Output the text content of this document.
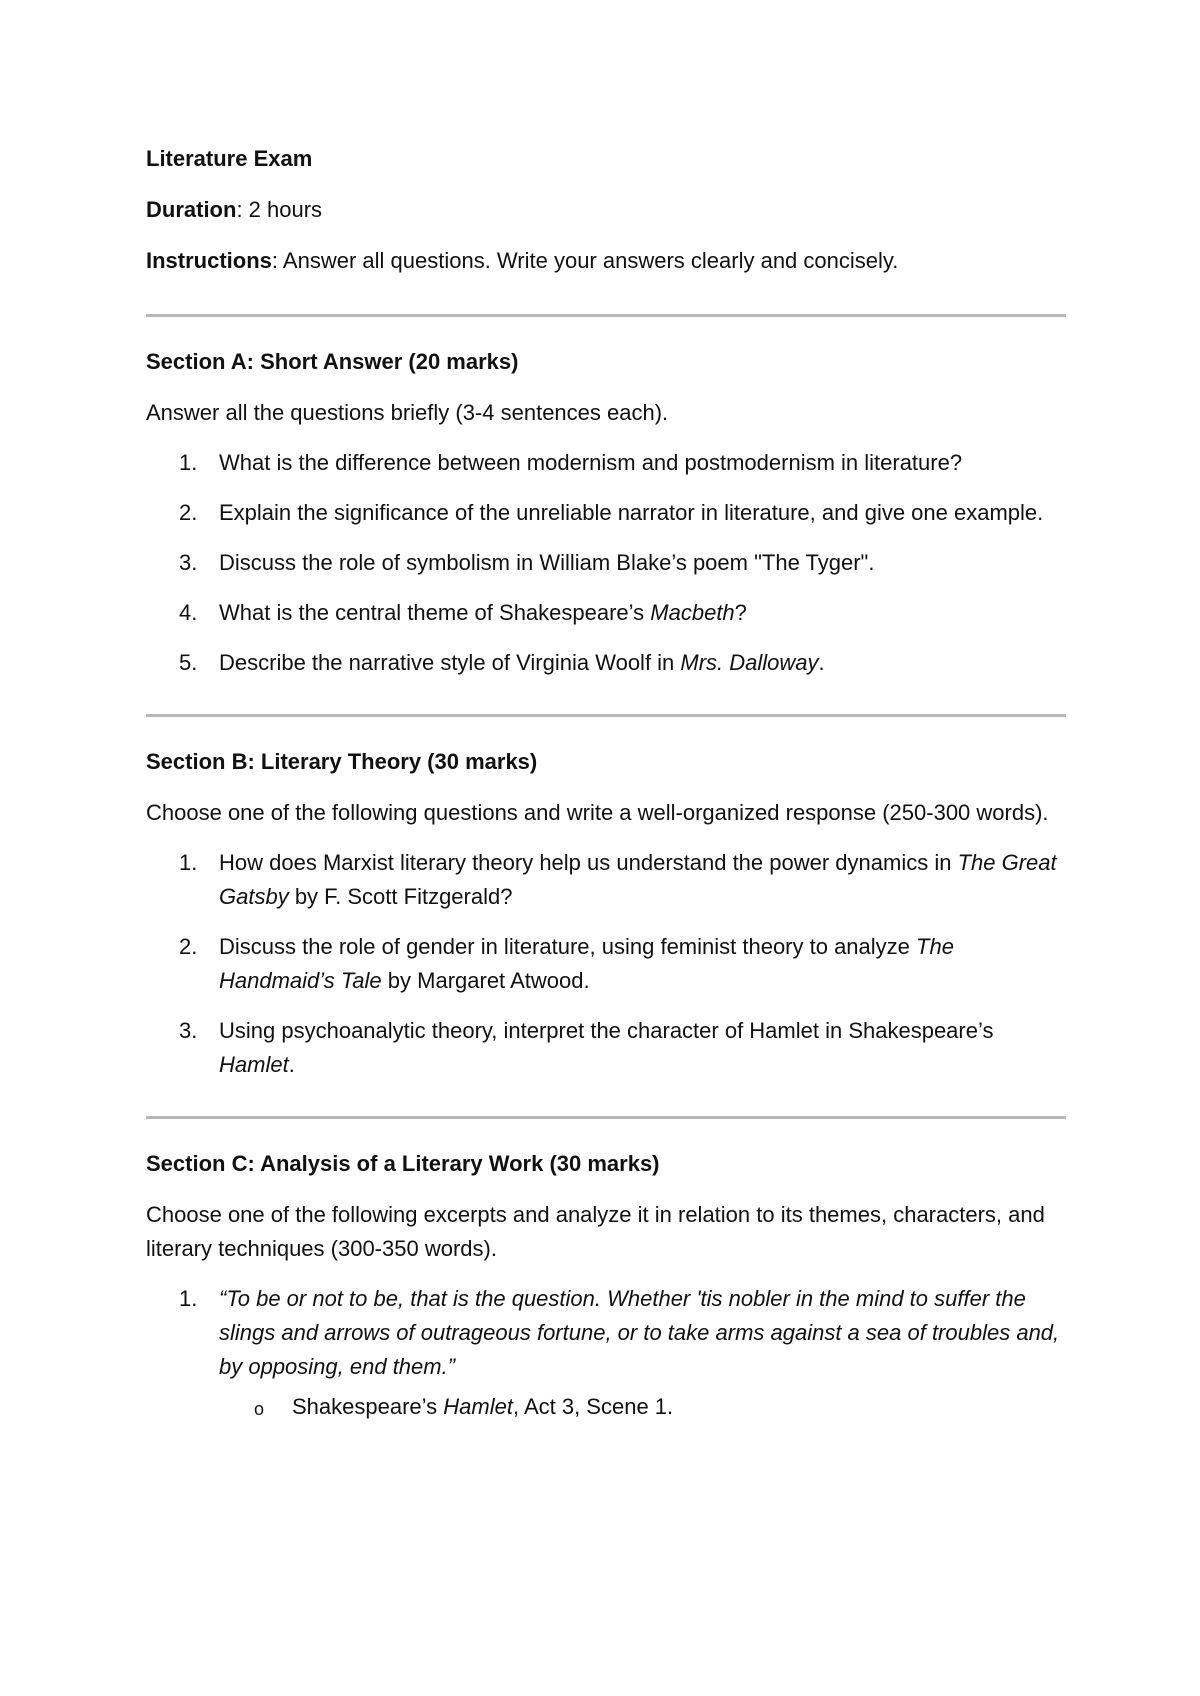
Literature Exam

Duration: 2 hours

Instructions: Answer all questions. Write your answers clearly and concisely.

Section A: Short Answer (20 marks)

Answer all the questions briefly (3-4 sentences each).

1. What is the difference between modernism and postmodernism in literature?
2. Explain the significance of the unreliable narrator in literature, and give one example.
3. Discuss the role of symbolism in William Blake’s poem "The Tyger".
4. What is the central theme of Shakespeare’s Macbeth?
5. Describe the narrative style of Virginia Woolf in Mrs. Dalloway.

Section B: Literary Theory (30 marks)

Choose one of the following questions and write a well-organized response (250-300 words).

1. How does Marxist literary theory help us understand the power dynamics in The Great Gatsby by F. Scott Fitzgerald?
2. Discuss the role of gender in literature, using feminist theory to analyze The Handmaid’s Tale by Margaret Atwood.
3. Using psychoanalytic theory, interpret the character of Hamlet in Shakespeare’s Hamlet.

Section C: Analysis of a Literary Work (30 marks)

Choose one of the following excerpts and analyze it in relation to its themes, characters, and literary techniques (300-350 words).

1. “To be or not to be, that is the question. Whether 'tis nobler in the mind to suffer the slings and arrows of outrageous fortune, or to take arms against a sea of troubles and, by opposing, end them.”

o Shakespeare’s Hamlet, Act 3, Scene 1.
